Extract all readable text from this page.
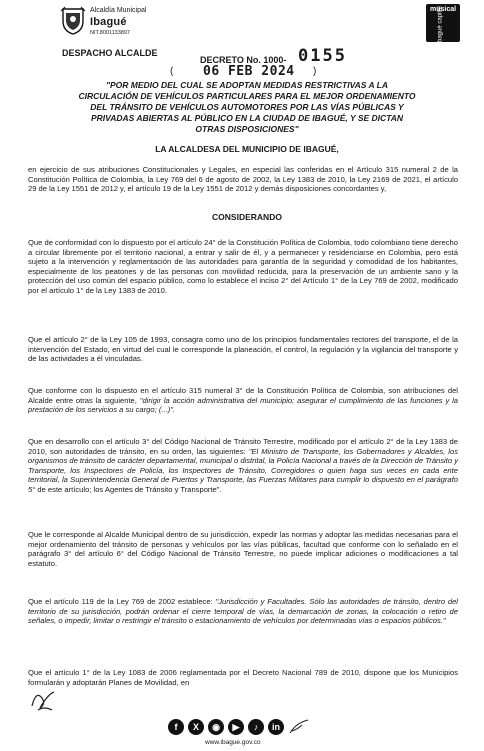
Alcaldía Municipal
Ibagué
NIT.8001133897
musical
Ibagué capital
DESPACHO ALCALDE
DECRETO No. 1000- 0155
( 06 FEB 2024 )
"POR MEDIO DEL CUAL SE ADOPTAN MEDIDAS RESTRICTIVAS A LA
CIRCULACIÓN DE VEHÍCULOS PARTICULARES PARA EL MEJOR ORDENAMIENTO
DEL TRÁNSITO DE VEHÍCULOS AUTOMOTORES POR LAS VÍAS PÚBLICAS Y
PRIVADAS ABIERTAS AL PÚBLICO EN LA CIUDAD DE IBAGUÉ, Y SE DICTAN
OTRAS DISPOSICIONES"
LA ALCALDESA DEL MUNICIPIO DE IBAGUÉ,
en ejercicio de sus atribuciones Constitucionales y Legales, en especial las conferidas en el Artículo 315 numeral 2 de la Constitución Política de Colombia, la Ley 769 del 6 de agosto de 2002, la Ley 1383 de 2010, la Ley 2169 de 2021, el artículo 29 de la Ley 1551 de 2012 y, el artículo 19 de la Ley 1551 de 2012 y demás disposiciones concordantes y,
CONSIDERANDO
Que de conformidad con lo dispuesto por el artículo 24° de la Constitución Política de Colombia, todo colombiano tiene derecho a circular libremente por el territorio nacional, a entrar y salir de él, y a permanecer y residenciarse en Colombia, pero está sujeto a la intervención y reglamentación de las autoridades para garantía de la seguridad y comodidad de los habitantes, especialmente de los peatones y de las personas con movilidad reducida, para la preservación de un ambiente sano y la protección del uso común del espacio público, como lo establece el inciso 2° del Artículo 1° de la Ley 769 de 2002, modificado por el artículo 1° de la Ley 1383 de 2010.
Que el artículo 2° de la Ley 105 de 1993, consagra como uno de los principios fundamentales rectores del transporte, el de la intervención del Estado, en virtud del cual le corresponde la planeación, el control, la regulación y la vigilancia del transporte y de las actividades a él vinculadas.
Que conforme con lo dispuesto en el artículo 315 numeral 3° de la Constitución Política de Colombia, son atribuciones del Alcalde entre otras la siguiente, "dirigir la acción administrativa del municipio; asegurar el cumplimiento de las funciones y la prestación de los servicios a su cargo; (...)".
Que en desarrollo con el artículo 3° del Código Nacional de Tránsito Terrestre, modificado por el artículo 2° de la Ley 1383 de 2010, son autoridades de tránsito, en su orden, las siguientes: "El Ministro de Transporte, los Gobernadores y Alcaldes, los organismos de tránsito de carácter departamental, municipal o distrital, la Policía Nacional a través de la Dirección de Tránsito y Transporte, los Inspectores de Policía, los Inspectores de Tránsito, Corregidores o quien haga sus veces en cada ente territorial, la Superintendencia General de Puertos y Transporte, las Fuerzas Militares para cumplir lo dispuesto en el parágrafo 5° de este artículo; los Agentes de Tránsito y Transporte".
Que le corresponde al Alcalde Municipal dentro de su jurisdicción, expedir las normas y adoptar las medidas necesarias para el mejor ordenamiento del tránsito de personas y vehículos por las vías públicas, facultad que conforme con lo señalado en el parágrafo 3° del artículo 6° del Código Nacional de Tránsito Terrestre, no puede implicar adiciones o modificaciones a tal estatuto.
Que el artículo 119 de la Ley 769 de 2002 establece: "Jurisdicción y Facultades. Sólo las autoridades de tránsito, dentro del territorio de su jurisdicción, podrán ordenar el cierre temporal de vías, la demarcación de zonas, la colocación o retiro de señales, o impedir, limitar o restringir el tránsito o estacionamiento de vehículos por determinadas vías o espacios públicos."
Que el artículo 1° de la Ley 1083 de 2006 reglamentada por el Decreto Nacional 789 de 2010, dispone que los Municipios formularán y adoptarán Planes de Movilidad, en
f	X	◉	▶	♪	in
www.ibague.gov.co
